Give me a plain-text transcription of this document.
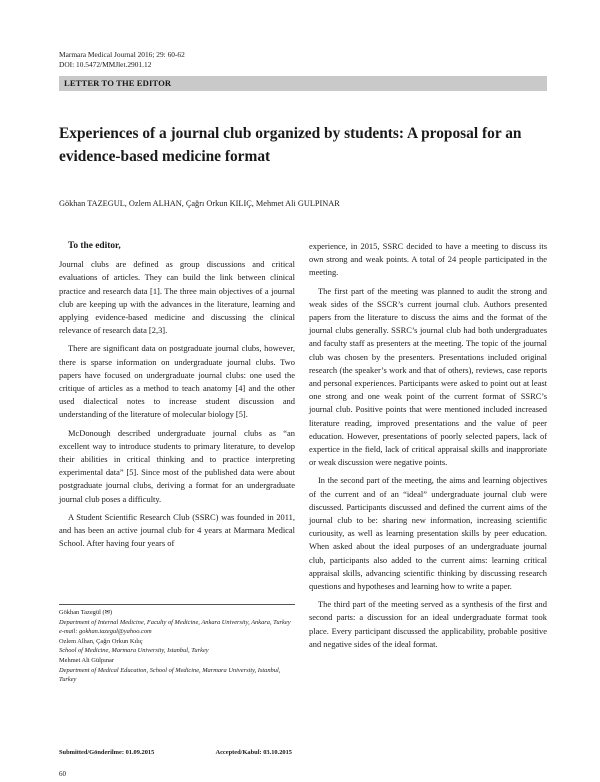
Marmara Medical Journal 2016; 29: 60-62
DOI: 10.5472/MMJlet.2901.12
LETTER TO THE EDITOR
Experiences of a journal club organized by students: A proposal for an evidence-based medicine format
Gökhan TAZEGUL, Ozlem ALHAN, Çağrı Orkun KILIÇ, Mehmet Ali GULPINAR

To the editor,

Journal clubs are defined as group discussions and critical evaluations of articles. They can build the link between clinical practice and research data [1]. The three main objectives of a journal club are keeping up with the advances in the literature, learning and applying evidence-based medicine and discussing the clinical relevance of research data [2,3].

There are significant data on postgraduate journal clubs, however, there is sparse information on undergraduate journal clubs. Two papers have focused on undergraduate journal clubs: one used the critique of articles as a method to teach anatomy [4] and the other used dialectical notes to increase student discussion and understanding of the literature of molecular biology [5].

McDonough described undergraduate journal clubs as “an excellent way to introduce students to primary literature, to develop their abilities in critical thinking and to practice interpreting experimental data” [5]. Since most of the published data were about postgraduate journal clubs, deriving a format for an undergraduate journal club poses a difficulty.

A Student Scientific Research Club (SSRC) was founded in 2011, and has been an active journal club for 4 years at Marmara Medical School. After having four years of

Gökhan Tazegül (✉)
Department of Internal Medicine, Faculty of Medicine, Ankara University, Ankara, Turkey
e-mail: gokhan.tazegul@yahoo.com
Ozlem Alhan, Çağrı Orkun Kılıç
School of Medicine, Marmara University, Istanbul, Turkey
Mehmet Ali Gülpınar
Department of Medical Education, School of Medicine, Marmara University, Istanbul, Turkey
Submitted/Gönderilme: 01.09.2015	Accepted/Kabul: 03.10.2015

experience, in 2015, SSRC decided to have a meeting to discuss its own strong and weak points. A total of 24 people participated in the meeting.

The first part of the meeting was planned to audit the strong and weak sides of the SSCR’s current journal club. Authors presented papers from the literature to discuss the aims and the format of the journal clubs generally. SSRC’s journal club had both undergraduates and faculty staff as presenters at the meeting. The topic of the journal club was chosen by the presenters. Presentations included original research (the speaker’s work and that of others), reviews, case reports and personal experiences. Participants were asked to point out at least one strong and one weak point of the current format of SSRC’s journal club. Positive points that were mentioned included increased literature reading, improved presentations and the value of peer education. However, presentations of poorly selected papers, lack of expertice in the field, lack of critical appraisal skills and inapproriate or weak discussion were negative points.

In the second part of the meeting, the aims and learning objectives of the current and of an “ideal” undergraduate journal club were discussed. Participants discussed and defined the current aims of the journal club to be: sharing new information, increasing scientific curiousity, as well as learning presentation skills by peer education. When asked about the ideal purposes of an undergraduate journal club, participants also added to the current aims: learning critical appraisal skills, advancing scientific thinking by discussing research questions and hypotheses and learning how to write a paper.

The third part of the meeting served as a synthesis of the first and second parts: a discussion for an ideal undergraduate format took place. Every participant discussed the applicability, probable positive and negative sides of the ideal format.

60
